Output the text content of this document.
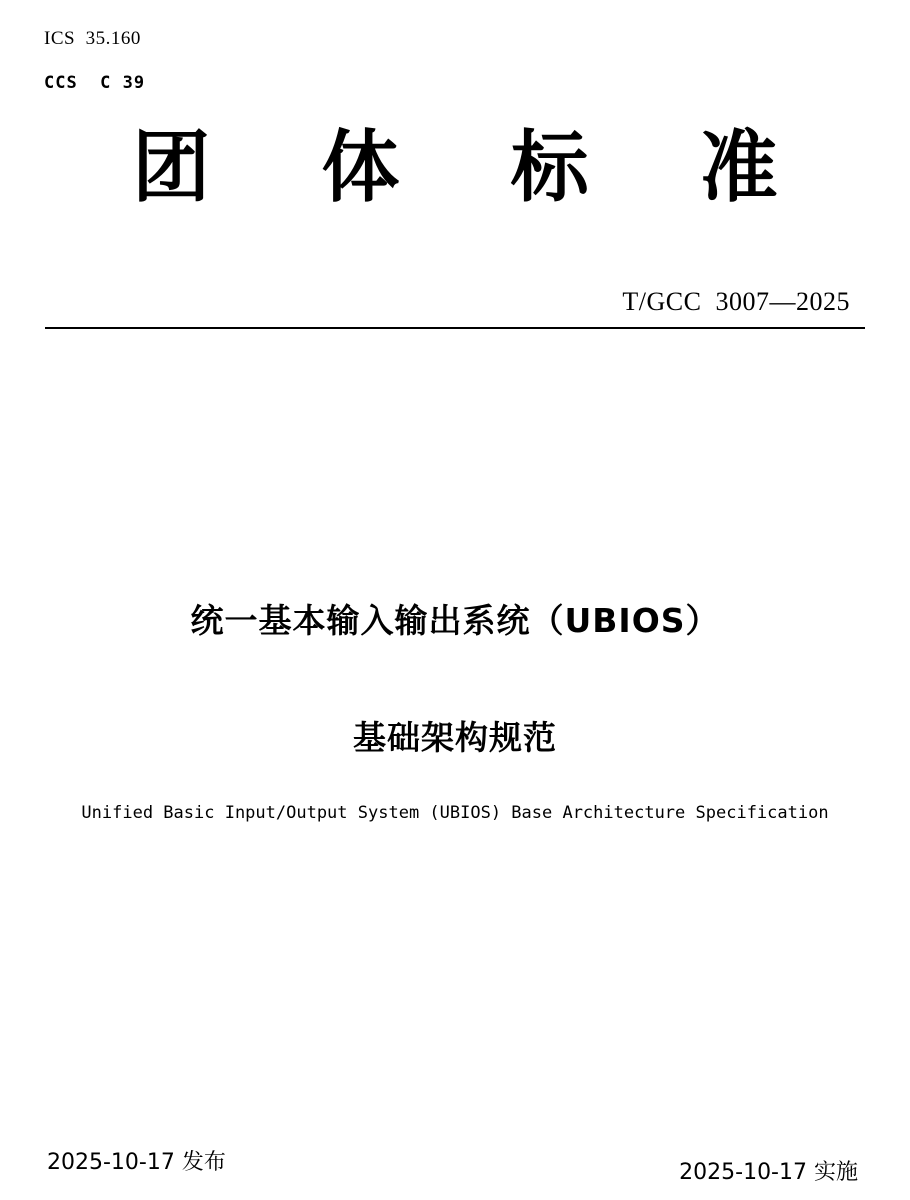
ICS  35.160
CCS  C 39
团 体 标 准
T/GCC  3007—2025
统一基本输入输出系统（UBIOS）
基础架构规范
Unified Basic Input/Output System (UBIOS) Base Architecture Specification
2025-10-17 发布	2025-10-17 实施
